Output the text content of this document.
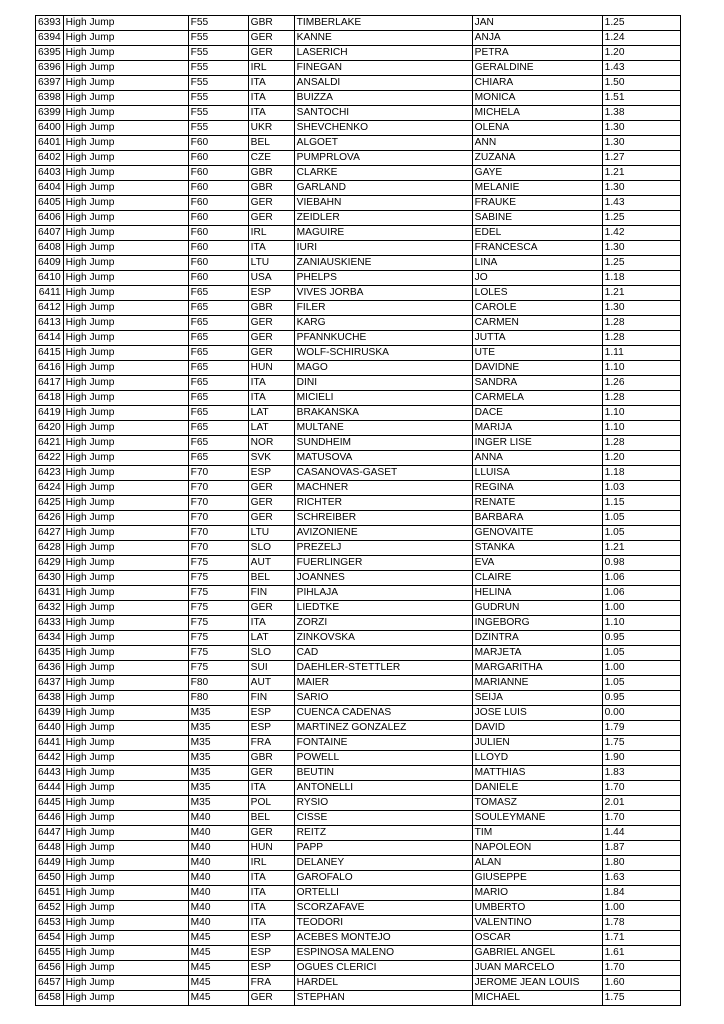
6393	High Jump	F55	GBR	TIMBERLAKE	JAN	1.25
6394	High Jump	F55	GER	KANNE	ANJA	1.24
6395	High Jump	F55	GER	LASERICH	PETRA	1.20
6396	High Jump	F55	IRL	FINEGAN	GERALDINE	1.43
6397	High Jump	F55	ITA	ANSALDI	CHIARA	1.50
6398	High Jump	F55	ITA	BUIZZA	MONICA	1.51
6399	High Jump	F55	ITA	SANTOCHI	MICHELA	1.38
6400	High Jump	F55	UKR	SHEVCHENKO	OLENA	1.30
6401	High Jump	F60	BEL	ALGOET	ANN	1.30
6402	High Jump	F60	CZE	PUMPRLOVA	ZUZANA	1.27
6403	High Jump	F60	GBR	CLARKE	GAYE	1.21
6404	High Jump	F60	GBR	GARLAND	MELANIE	1.30
6405	High Jump	F60	GER	VIEBAHN	FRAUKE	1.43
6406	High Jump	F60	GER	ZEIDLER	SABINE	1.25
6407	High Jump	F60	IRL	MAGUIRE	EDEL	1.42
6408	High Jump	F60	ITA	IURI	FRANCESCA	1.30
6409	High Jump	F60	LTU	ZANIAUSKIENE	LINA	1.25
6410	High Jump	F60	USA	PHELPS	JO	1.18
6411	High Jump	F65	ESP	VIVES JORBA	LOLES	1.21
6412	High Jump	F65	GBR	FILER	CAROLE	1.30
6413	High Jump	F65	GER	KARG	CARMEN	1.28
6414	High Jump	F65	GER	PFANNKUCHE	JUTTA	1.28
6415	High Jump	F65	GER	WOLF-SCHIRUSKA	UTE	1.11
6416	High Jump	F65	HUN	MAGO	DAVIDNE	1.10
6417	High Jump	F65	ITA	DINI	SANDRA	1.26
6418	High Jump	F65	ITA	MICIELI	CARMELA	1.28
6419	High Jump	F65	LAT	BRAKANSKA	DACE	1.10
6420	High Jump	F65	LAT	MULTANE	MARIJA	1.10
6421	High Jump	F65	NOR	SUNDHEIM	INGER LISE	1.28
6422	High Jump	F65	SVK	MATUSOVA	ANNA	1.20
6423	High Jump	F70	ESP	CASANOVAS-GASET	LLUISA	1.18
6424	High Jump	F70	GER	MACHNER	REGINA	1.03
6425	High Jump	F70	GER	RICHTER	RENATE	1.15
6426	High Jump	F70	GER	SCHREIBER	BARBARA	1.05
6427	High Jump	F70	LTU	AVIZONIENE	GENOVAITE	1.05
6428	High Jump	F70	SLO	PREZELJ	STANKA	1.21
6429	High Jump	F75	AUT	FUERLINGER	EVA	0.98
6430	High Jump	F75	BEL	JOANNES	CLAIRE	1.06
6431	High Jump	F75	FIN	PIHLAJA	HELINA	1.06
6432	High Jump	F75	GER	LIEDTKE	GUDRUN	1.00
6433	High Jump	F75	ITA	ZORZI	INGEBORG	1.10
6434	High Jump	F75	LAT	ZINKOVSKA	DZINTRA	0.95
6435	High Jump	F75	SLO	CAD	MARJETA	1.05
6436	High Jump	F75	SUI	DAEHLER-STETTLER	MARGARITHA	1.00
6437	High Jump	F80	AUT	MAIER	MARIANNE	1.05
6438	High Jump	F80	FIN	SARIO	SEIJA	0.95
6439	High Jump	M35	ESP	CUENCA CADENAS	JOSE LUIS	0.00
6440	High Jump	M35	ESP	MARTINEZ GONZALEZ	DAVID	1.79
6441	High Jump	M35	FRA	FONTAINE	JULIEN	1.75
6442	High Jump	M35	GBR	POWELL	LLOYD	1.90
6443	High Jump	M35	GER	BEUTIN	MATTHIAS	1.83
6444	High Jump	M35	ITA	ANTONELLI	DANIELE	1.70
6445	High Jump	M35	POL	RYSIO	TOMASZ	2.01
6446	High Jump	M40	BEL	CISSE	SOULEYMANE	1.70
6447	High Jump	M40	GER	REITZ	TIM	1.44
6448	High Jump	M40	HUN	PAPP	NAPOLEON	1.87
6449	High Jump	M40	IRL	DELANEY	ALAN	1.80
6450	High Jump	M40	ITA	GAROFALO	GIUSEPPE	1.63
6451	High Jump	M40	ITA	ORTELLI	MARIO	1.84
6452	High Jump	M40	ITA	SCORZAFAVE	UMBERTO	1.00
6453	High Jump	M40	ITA	TEODORI	VALENTINO	1.78
6454	High Jump	M45	ESP	ACEBES MONTEJO	OSCAR	1.71
6455	High Jump	M45	ESP	ESPINOSA MALENO	GABRIEL ANGEL	1.61
6456	High Jump	M45	ESP	OGUES CLERICI	JUAN MARCELO	1.70
6457	High Jump	M45	FRA	HARDEL	JEROME JEAN LOUIS	1.60
6458	High Jump	M45	GER	STEPHAN	MICHAEL	1.75
